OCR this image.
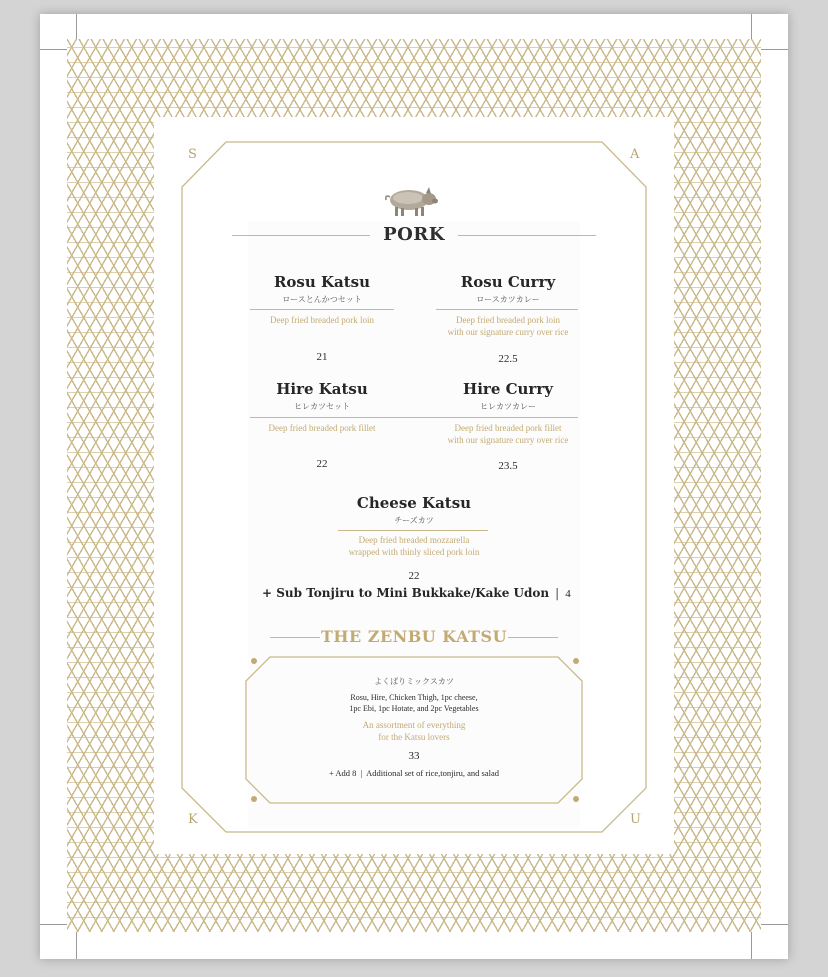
S	A
K	U
PORK
Rosu Katsu
ロースとんかつセット
Deep fried breaded pork loin
21
Rosu Curry
ロースカツカレー
Deep fried breaded pork loin
with our signature curry over rice
22.5
Hire Katsu
ヒレカツセット
Deep fried breaded pork fillet
22
Hire Curry
ヒレカツカレー
Deep fried breaded pork fillet
with our signature curry over rice
23.5
Cheese Katsu
チーズカツ
Deep fried breaded mozzarella
wrapped with thinly sliced pork loin
22
+ Sub Tonjiru to Mini Bukkake/Kake Udon | 4
THE ZENBU KATSU
よくばりミックスカツ
Rosu, Hire, Chicken Thigh, 1pc cheese,
1pc Ebi, 1pc Hotate, and 2pc Vegetables
An assortment of everything
for the Katsu lovers
33
+ Add 8 | Additional set of rice,tonjiru, and salad
